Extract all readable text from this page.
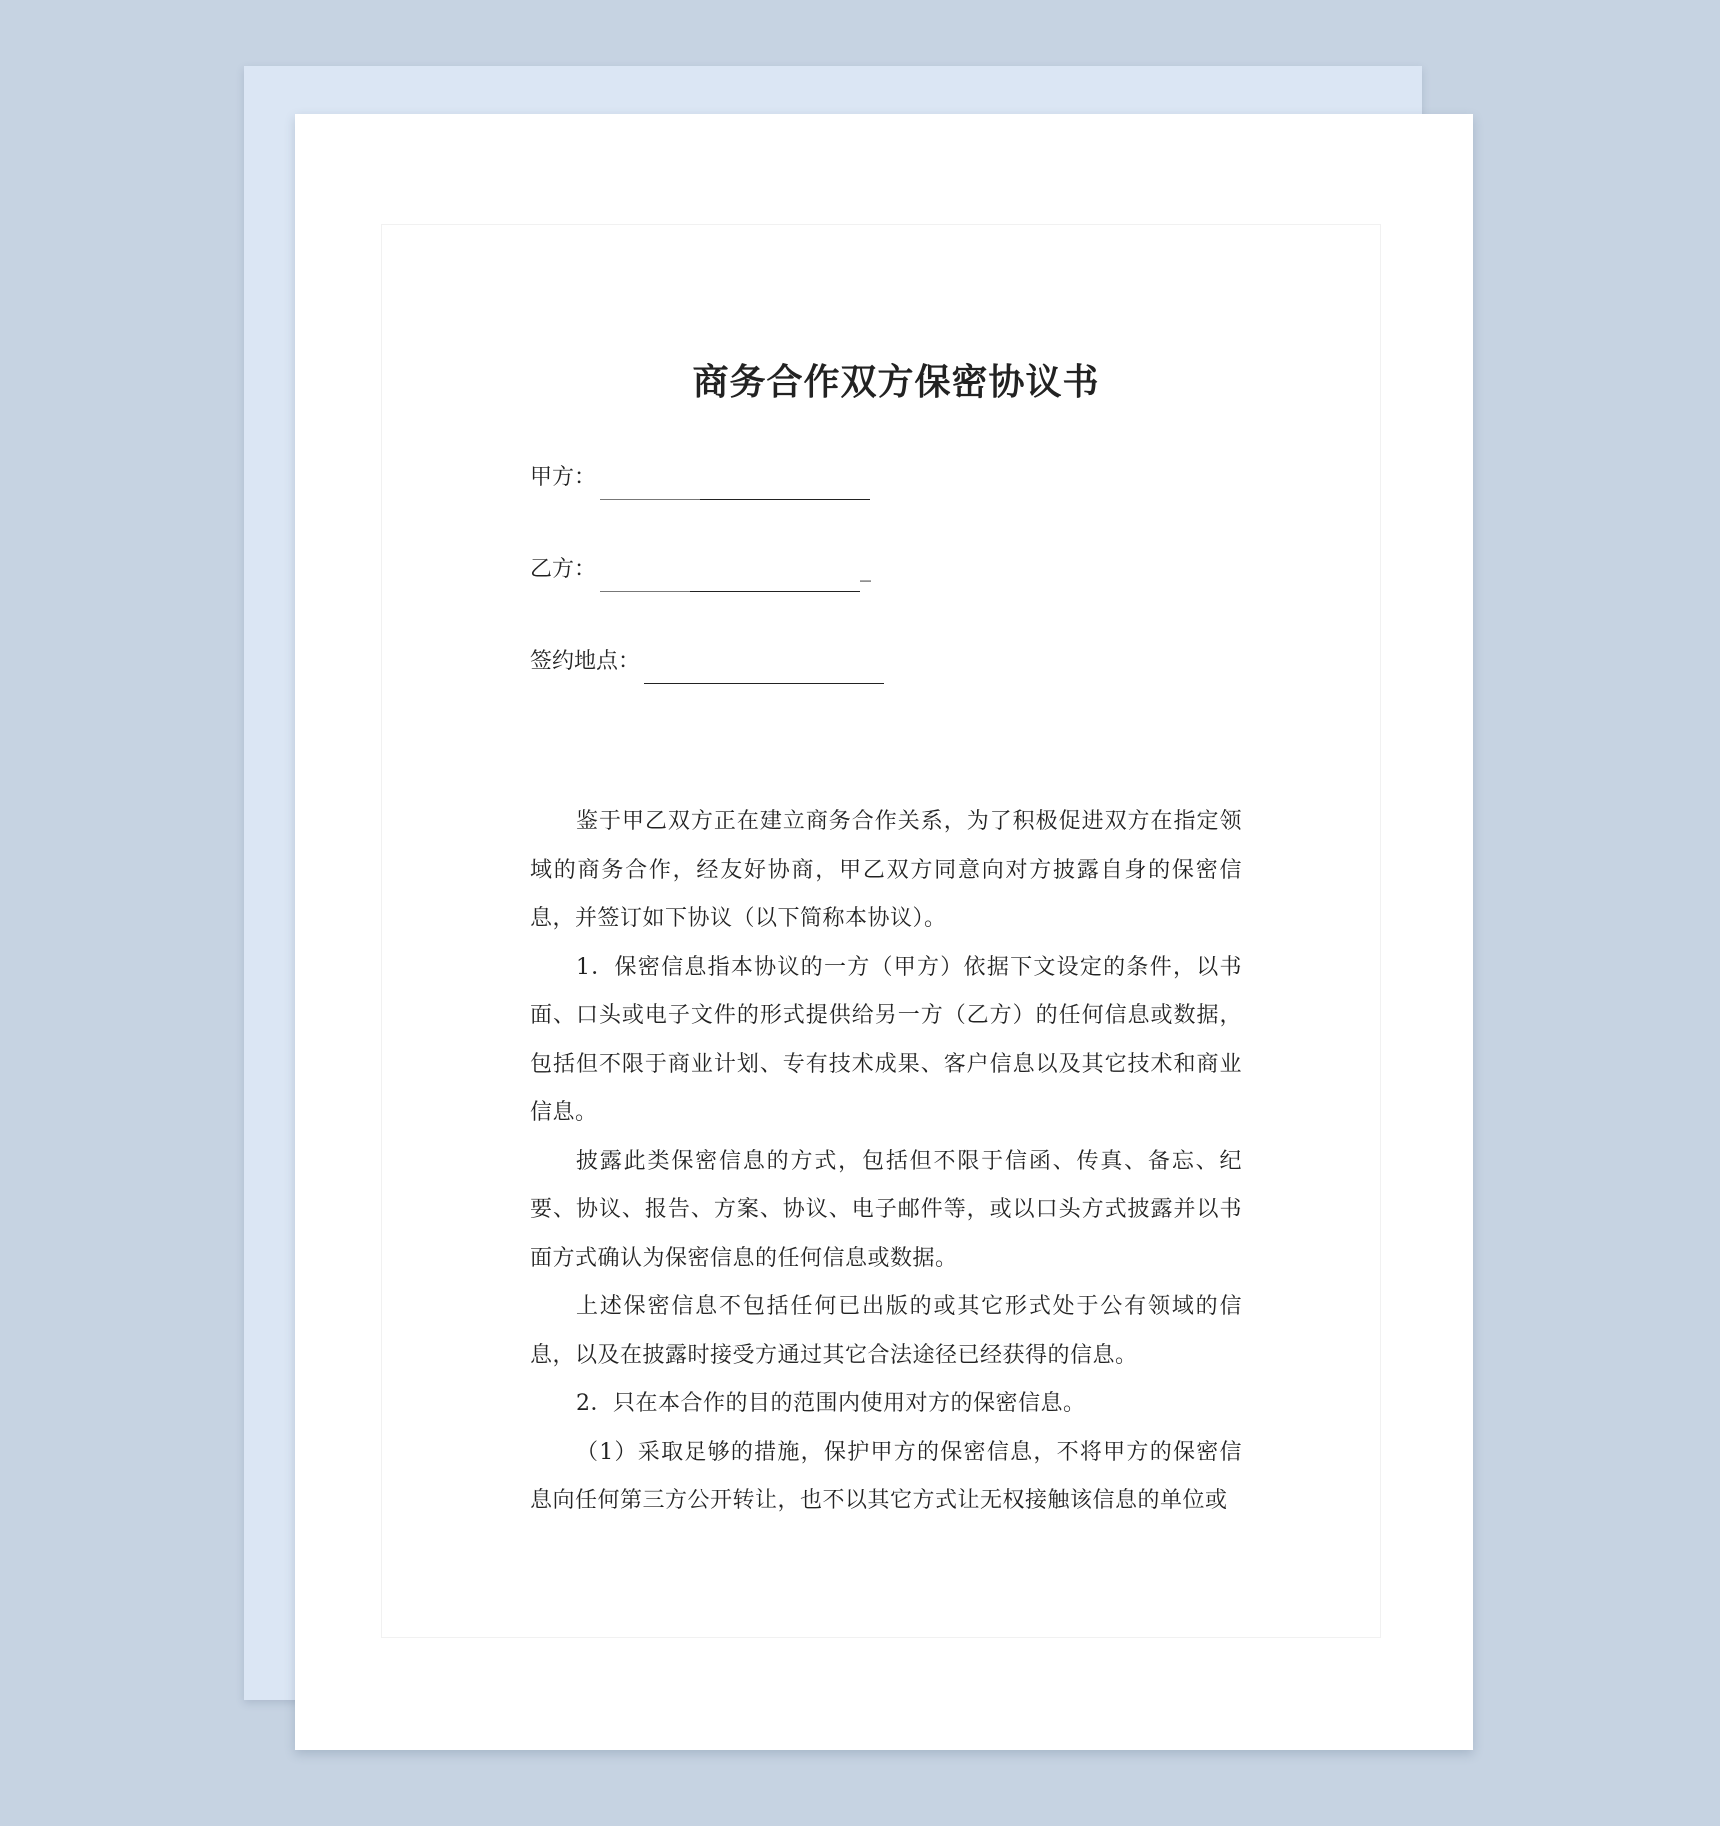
商务合作双方保密协议书
甲方：
乙方：	_
签约地点：

鉴于甲乙双方正在建立商务合作关系，为了积极促进双方在指定领域的商务合作，经友好协商，甲乙双方同意向对方披露自身的保密信息，并签订如下协议（以下简称本协议）。

1．保密信息指本协议的一方（甲方）依据下文设定的条件，以书面、口头或电子文件的形式提供给另一方（乙方）的任何信息或数据，包括但不限于商业计划、专有技术成果、客户信息以及其它技术和商业信息。

披露此类保密信息的方式，包括但不限于信函、传真、备忘、纪要、协议、报告、方案、协议、电子邮件等，或以口头方式披露并以书面方式确认为保密信息的任何信息或数据。

上述保密信息不包括任何已出版的或其它形式处于公有领域的信息，以及在披露时接受方通过其它合法途径已经获得的信息。

2．只在本合作的目的范围内使用对方的保密信息。

（1）采取足够的措施，保护甲方的保密信息，不将甲方的保密信息向任何第三方公开转让，也不以其它方式让无权接触该信息的单位或
